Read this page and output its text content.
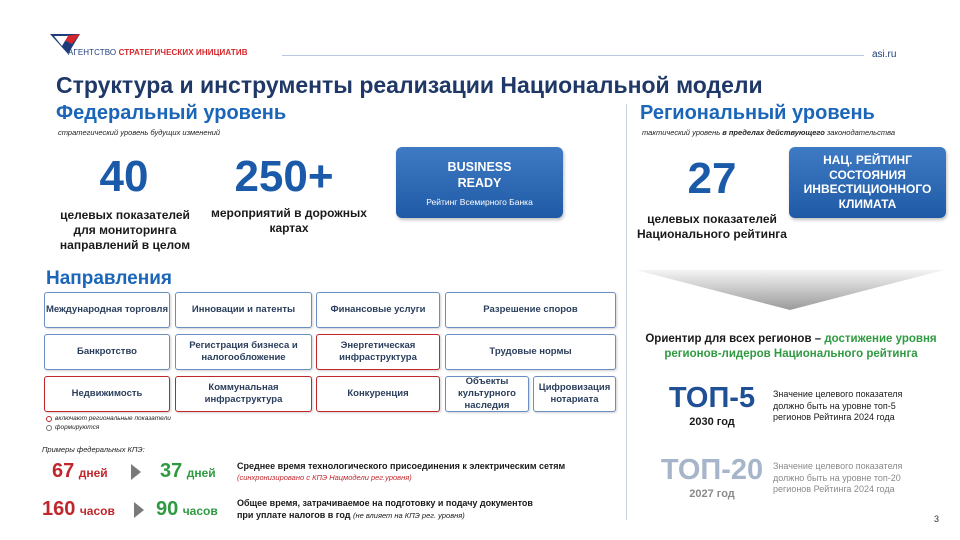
АГЕНТСТВО СТРАТЕГИЧЕСКИХ ИНИЦИАТИВ	asi.ru
Структура и инструменты реализации Национальной модели
Федеральный уровень
стратегический уровень будущих изменений
40
целевых показателей для мониторинга направлений в целом
250+
мероприятий в дорожных картах
BUSINESS READY
Рейтинг Всемирного Банка
Направления
Международная торговля	Инновации и патенты	Финансовые услуги	Разрешение споров
Банкротство
Регистрация бизнеса и налогообложение
Энергетическая инфраструктура
Трудовые нормы
Недвижимость
Коммунальная инфраструктура
Конкуренция
Объекты культурного наследия
Цифровизация нотариата
включают региональные показатели
формируются
Примеры федеральных КПЭ:
67 дней	37 дней Среднее время технологического присоединения к электрическим сетям
(синхронизировано с КПЭ Нацмодели рег.уровня)
160 часов 90 часов
Общее время, затрачиваемое на подготовку и подачу документов
при уплате налогов в год (не влияет на КПЭ рег. уровня)
Региональный уровень
тактический уровень в пределах действующего законодательства
27
целевых показателей Национального рейтинга
НАЦ. РЕЙТИНГ СОСТОЯНИЯ ИНВЕСТИЦИОННОГО КЛИМАТА
Ориентир для всех регионов – достижение уровня регионов-лидеров Национального рейтинга
ТОП-5
2030 год
Значение целевого показателя должно быть на уровне топ-5 регионов Рейтинга 2024 года
ТОП-20
2027 год
Значение целевого показателя должно быть на уровне топ-20 регионов Рейтинга 2024 года
3
